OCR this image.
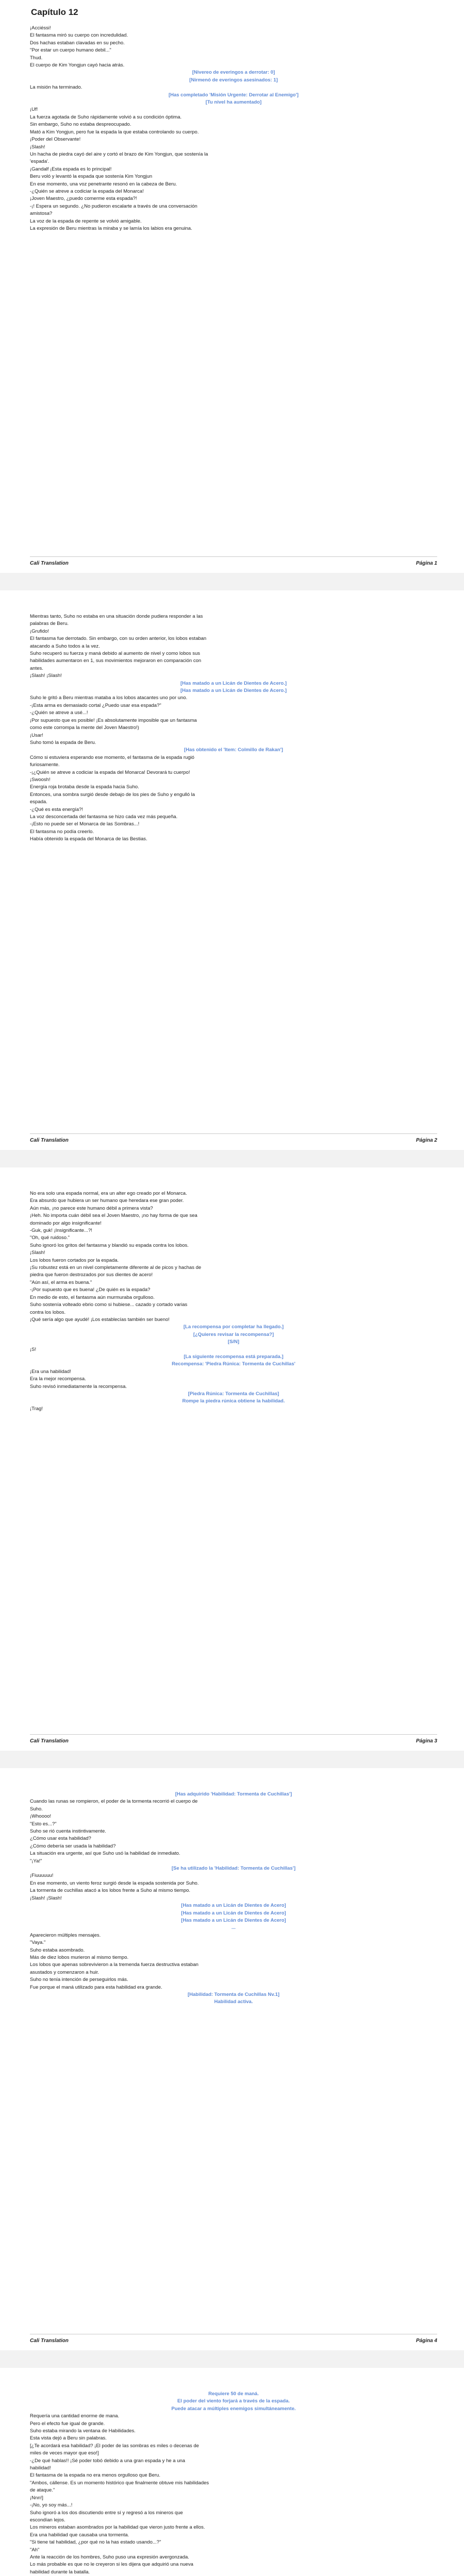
Capítulo 12
¡Acciéssi!
El fantasma miró su cuerpo con incredulidad.
Dos hachas estaban clavadas en su pecho.
"Por estar un cuerpo humano debil..."
Thud.
El cuerpo de Kim Yongjun cayó hacia atrás.
[Nivereo de everingos a derrotar: 0]
[Nirmenó de everingos asesinados: 1]
La misión ha terminado.
[Has completado 'Misión Urgente: Derrotar al Enemigo']
[Tu nivel ha aumentado]
¡Uf!
La fuerza agotada de Suho rápidamente volvió a su condición óptima.
Sin embargo, Suho no estaba despreocupado.
Mató a Kim Yongjun, pero fue la espada la que estaba controlando su cuerpo.
¡Poder del Observante!
¡Slash!
Un hacha de piedra cayó del aire y cortó el brazo de Kim Yongjun, que sostenía la
'espada'.
¡Gandalf ¡Esta espada es lo principal!
Beru voló y levantó la espada que sostenía Kim Yongjun
En ese momento, una voz penetrante resonó en la cabeza de Beru.
-¿Quién se atreve a codiciar la espada del Monarca!
¡Joven Maestro, ¿puedo comerme esta espada?!
-¡! Espera un segundo. ¿No pudieron escalarte a través de una conversación
amistosa?
La voz de la espada de repente se volvió amigable.
La expresión de Beru mientras la miraba y se lamía los labios era genuina.
Cali Translation	Página 1
Mientras tanto, Suho no estaba en una situación donde pudiera responder a las
palabras de Beru.
¡Grufido!
El fantasma fue derrotado. Sin embargo, con su orden anterior, los lobos estaban
atacando a Suho todos a la vez.
Suho recuperó su fuerza y maná debido al aumento de nivel y como lobos sus
habilidades aumentaron en 1, sus movimientos mejoraron en comparación con
antes.
¡Slash! ¡Slash!
[Has matado a un Licán de Dientes de Acero.]
[Has matado a un Licán de Dientes de Acero.]
Suho le gritó a Beru mientras mataba a los lobos atacantes uno por uno.
-¡Esta arma es demasiado cortal ¿Puedo usar esa espada?"
-¿Quién se atreve a usé...!
¡Por supuesto que es posible! ¡Es absolutamente imposible que un fantasma
como este corrompa la mente del Joven Maestro!)
¡Usar!
Suho tomó la espada de Beru.
[Has obtenido el 'Item: Colmillo de Rakan']
Cómo si estuviera esperando ese momento, el fantasma de la espada rugió
furiosamente.
-¡¿Quién se atreve a codiciar la espada del Monarca! Devorará tu cuerpo!
¡Swoosh!
Energía roja brotaba desde la espada hacia Suho.
Entonces, una sombra surgió desde debajo de los pies de Suho y engulló la
espada.
-¿Qué es esta energía?!
La voz desconcertada del fantasma se hizo cada vez más pequeña.
-¡Esto no puede ser el Monarca de las Sombras...!
El fantasma no podía creerlo.
Había obtenido la espada del Monarca de las Bestias.
Cali Translation	Página 2
No era solo una espada normal, era un alter ego creado por el Monarca.
Era absurdo que hubiera un ser humano que heredara ese gran poder.
Aún más, ¡no parece este humano débil a primera vista?
¡Heh. No importa cuán débil sea el Joven Maestro, ¡no hay forma de que sea
dominado por algo insignificante!
-Guk, guk! ¡Insignificante...?!
"Oh, qué ruidoso."
Suho ignoró los gritos del fantasma y blandió su espada contra los lobos.
¡Slash!
Los lobos fueron cortados por la espada.
¡Su robustez está en un nivel completamente diferente al de picos y hachas de
piedra que fueron destrozados por sus dientes de acero!
"Aún así, el arma es buena."
-¡Por supuesto que es buena! ¿De quién es la espada?
En medio de esto, el fantasma aún murmuraba orgulloso.
Suho sostenía volteado ebrio como si hubiese... cazado y cortado varias
contra los lobos.
¡Qué sería algo que ayudé! ¡Los establecías también ser bueno!
[La recompensa por completar ha llegado.]
[¿Quieres revisar la recompensa?]
[S/N]
¡S!
[La siguiente recompensa está preparada.]
Recompensa: 'Piedra Rúnica: Tormenta de Cuchillas'
¡Era una habilidad!
Era la mejor recompensa.
Suho revisó inmediatamente la recompensa.
[Piedra Rúnica: Tormenta de Cuchillas]
Rompe la piedra rúnica obtiene la habilidad.
¡Trag!
Cali Translation	Página 3
[Has adquirido 'Habilidad: Tormenta de Cuchillas']
Cuando las runas se rompieron, el poder de la tormenta recorrió el cuerpo de
Suho.
¡Whoooo!
"Esto es...?"
Suho se rió cuenta instintivamente.
¿Cómo usar esta habilidad?
¿Cómo debería ser usada la habilidad?
La situación era urgente, así que Suho usó la habilidad de inmediato.
"¡Ya!"
[Se ha utilizado la 'Habilidad: Tormenta de Cuchillas']
¡Fiuuuuuu!
En ese momento, un viento feroz surgió desde la espada sostenida por Suho.
La tormenta de cuchillas atacó a los lobos frente a Suho al mismo tiempo.
¡Slash! ¡Slash!
[Has matado a un Licán de Dientes de Acero]
[Has matado a un Licán de Dientes de Acero]
[Has matado a un Licán de Dientes de Acero]
...
Aparecieron múltiples mensajes.
"Vaya."
Suho estaba asombrado.
Más de diez lobos murieron al mismo tiempo.
Los lobos que apenas sobrevivieron a la tremenda fuerza destructiva estaban
asustados y comenzaron a huir.
Suho no tenía intención de perseguirlos más.
Fue porque el maná utilizado para esta habilidad era grande.
[Habilidad: Tormenta de Cuchillas Nv.1]
Habilidad activa.
Cali Translation	Página 4
Requiere 50 de maná.
El poder del viento forjará a través de la espada.
Puede atacar a múltiples enemigos simultáneamente.
Requería una cantidad enorme de mana.
Pero el efecto fue igual de grande.
Suho estaba mirando la ventana de Habilidades.
Esta vista dejó a Beru sin palabras.
[¿Te acordará esa habilidad? ¡El poder de las sombras es miles o decenas de
miles de veces mayor que eso!]
-¿De qué hablas!! ¡Sé poder tobó debido a una gran espada y he a una
habilidad!
El fantasma de la espada no era menos orgulloso que Beru.
"Ambos, cállense. Es un momento histórico que finalmente obtuve mis habilidades
de ataque."
¡Nnn!]
-¡No, yo soy más...!
Suho ignoró a los dos discutiendo entre sí y regresó a los mineros que
escondían lejos.
Los mineros estaban asombrados por la habilidad que vieron justo frente a ellos.
Era una habilidad que causaba una tormenta.
"Si tiene tal habilidad, ¿por qué no la has estado usando...?"
"Ah"
Ante la reacción de los hombres, Suho puso una expresión avergonzada.
Lo más probable es que no le creyeron si les dijera que adquirió una nueva
habilidad durante la batalla.
